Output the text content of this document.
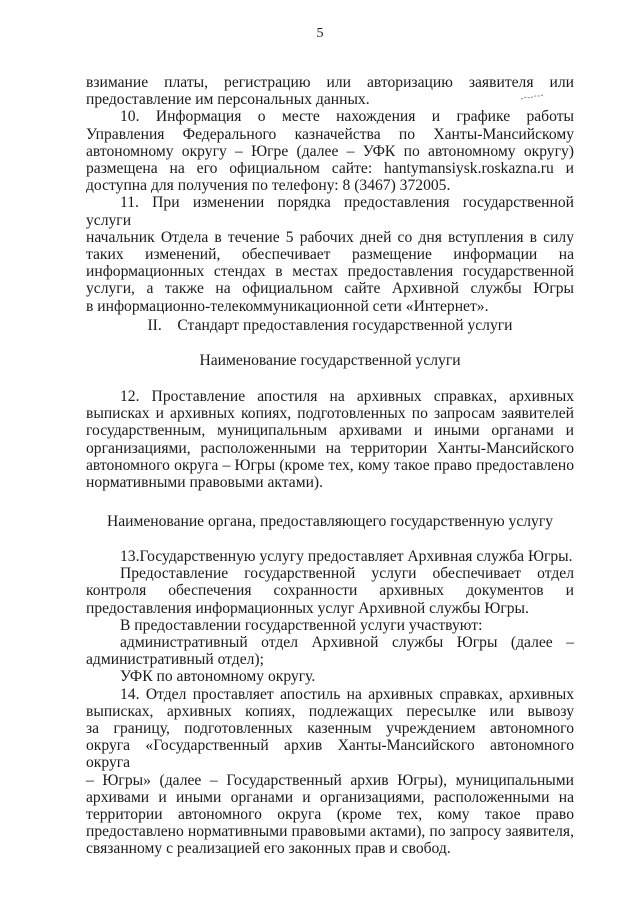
5

взимание платы, регистрацию или авторизацию заявителя или

предоставление им персональных данных.

10. Информация о месте нахождения и графике работы

Управления Федерального казначейства по Ханты-Мансийскому

автономному округу – Югре (далее – УФК по автономному округу)

размещена на его официальном сайте: hantymansiysk.roskazna.ru и

доступна для получения по телефону: 8 (3467) 372005.

11. При изменении порядка предоставления государственной услуги

начальник Отдела в течение 5 рабочих дней со дня вступления в силу

таких изменений, обеспечивает размещение информации на

информационных стендах в местах предоставления государственной

услуги, а также на официальном сайте Архивной службы Югры

в информационно-телекоммуникационной сети «Интернет».

II.    Стандарт предоставления государственной услуги
Наименование государственной услуги

12. Проставление апостиля на архивных справках, архивных

выписках и архивных копиях, подготовленных по запросам заявителей

государственным, муниципальным архивами и иными органами и

организациями, расположенными на территории Ханты-Мансийского

автономного округа – Югры (кроме тех, кому такое право предоставлено

нормативными правовыми актами).

Наименование органа, предоставляющего государственную услугу

13.Государственную услугу предоставляет Архивная служба Югры.

Предоставление государственной услуги обеспечивает отдел

контроля обеспечения сохранности архивных документов и

предоставления информационных услуг Архивной службы Югры.

В предоставлении государственной услуги участвуют:

административный отдел Архивной службы Югры (далее –

административный отдел);

УФК по автономному округу.

14. Отдел проставляет апостиль на архивных справках, архивных

выписках, архивных копиях, подлежащих пересылке или вывозу

за границу, подготовленных казенным учреждением автономного

округа «Государственный архив Ханты-Мансийского автономного округа

– Югры» (далее – Государственный архив Югры), муниципальными

архивами и иными органами и организациями, расположенными на

территории автономного округа (кроме тех, кому такое право

предоставлено нормативными правовыми актами), по запросу заявителя,

связанному с реализацией его законных прав и свобод.
